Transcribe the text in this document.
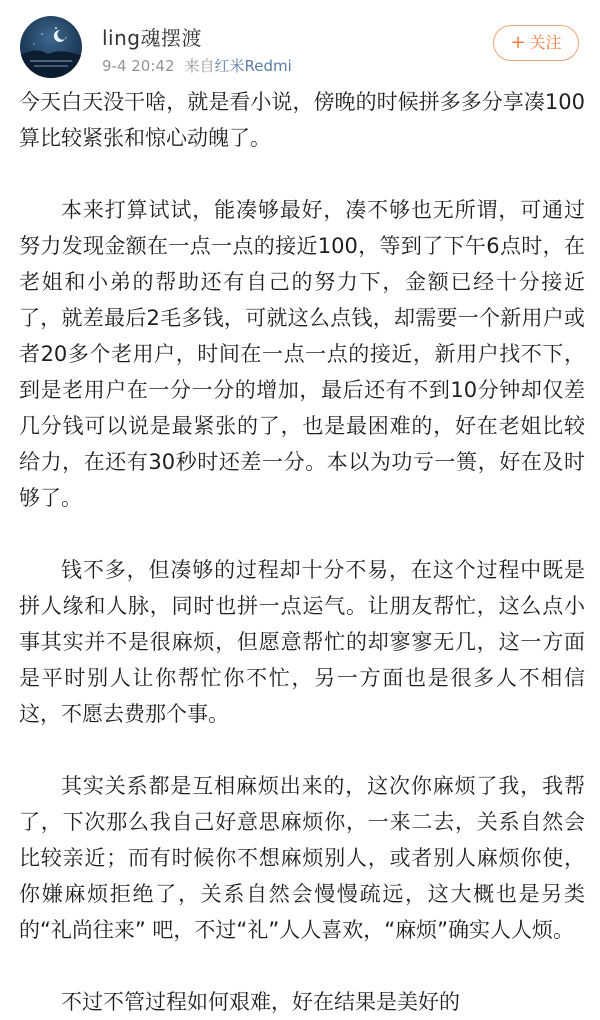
ling魂摆渡
9-4 20:42 来自红米Redmi
+ 关注

今天白天没干啥，就是看小说，傍晚的时候拼多多分享凑100算比较紧张和惊心动魄了。

本来打算试试，能凑够最好，凑不够也无所谓，可通过努力发现金额在一点一点的接近100，等到了下午6点时，在老姐和小弟的帮助还有自己的努力下，金额已经十分接近了，就差最后2毛多钱，可就这么点钱，却需要一个新用户或者20多个老用户，时间在一点一点的接近，新用户找不下，到是老用户在一分一分的增加，最后还有不到10分钟却仅差几分钱可以说是最紧张的了，也是最困难的，好在老姐比较给力，在还有30秒时还差一分。本以为功亏一篑，好在及时够了。

钱不多，但凑够的过程却十分不易，在这个过程中既是拼人缘和人脉，同时也拼一点运气。让朋友帮忙，这么点小事其实并不是很麻烦，但愿意帮忙的却寥寥无几，这一方面是平时别人让你帮忙你不忙，另一方面也是很多人不相信这，不愿去费那个事。

其实关系都是互相麻烦出来的，这次你麻烦了我，我帮了，下次那么我自己好意思麻烦你，一来二去，关系自然会比较亲近；而有时候你不想麻烦别人，或者别人麻烦你使，你嫌麻烦拒绝了，关系自然会慢慢疏远，这大概也是另类的“礼尚往来” 吧，不过“礼”人人喜欢，“麻烦”确实人人烦。

不过不管过程如何艰难，好在结果是美好的
